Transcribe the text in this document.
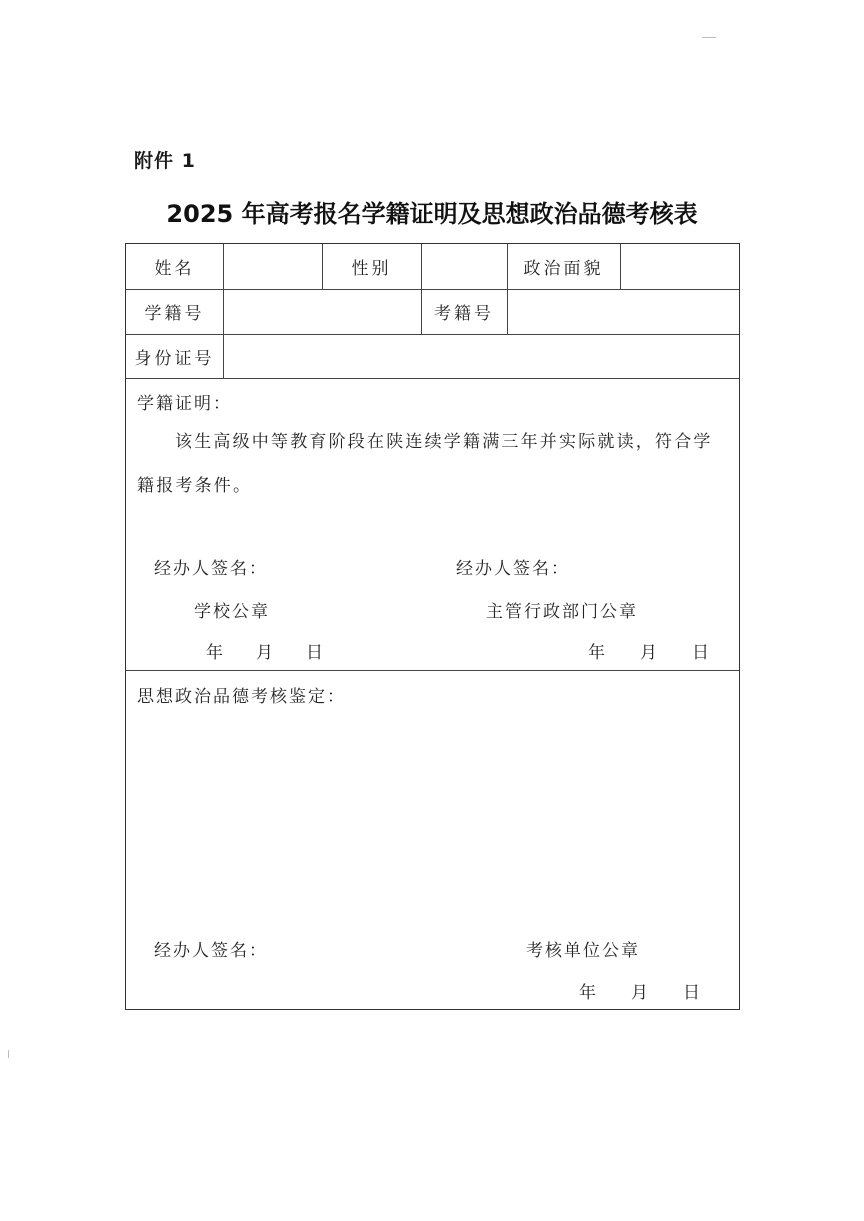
附件 1
2025 年高考报名学籍证明及思想政治品德考核表
姓名	性别	政治面貌
学籍号	考籍号
身份证号
学籍证明：
该生高级中等教育阶段在陕连续学籍满三年并实际就读，符合学籍报考条件。
经办人签名：	经办人签名：
学校公章	主管行政部门公章
年 月 日	年 月 日
思想政治品德考核鉴定：
经办人签名：	考核单位公章
年 月 日
